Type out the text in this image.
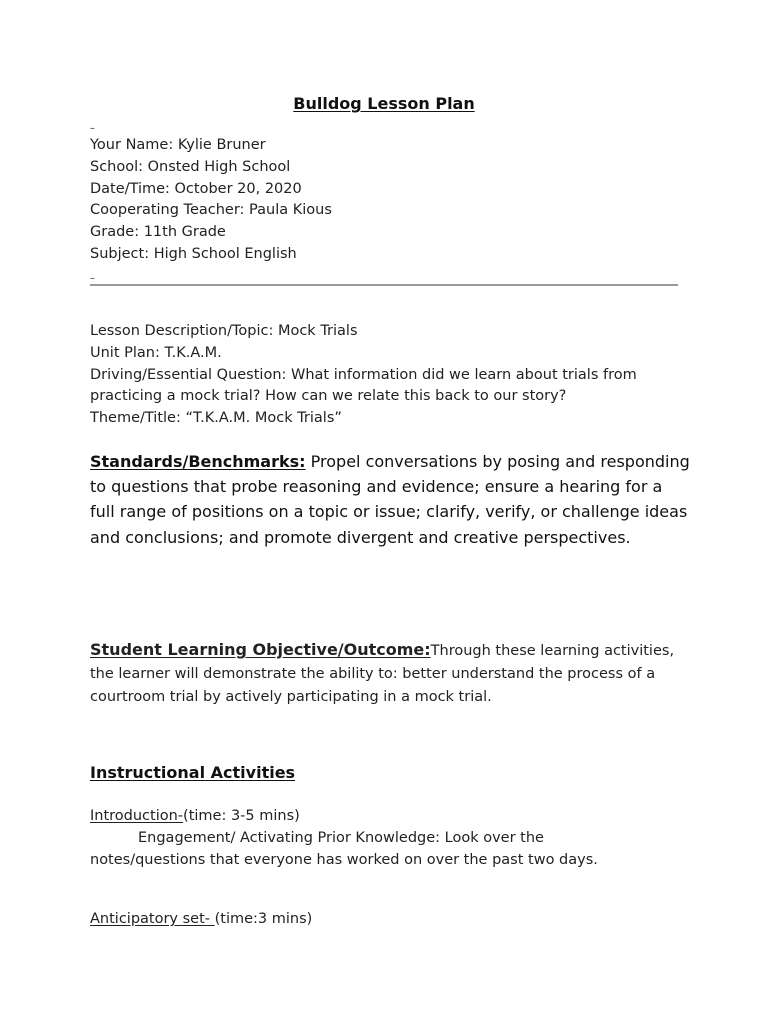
Bulldog Lesson Plan
–
Your Name: Kylie Bruner
School: Onsted High School
Date/Time: October 20, 2020
Cooperating Teacher: Paula Kious
Grade: 11th Grade
Subject: High School English
–
Lesson Description/Topic: Mock Trials
Unit Plan: T.K.A.M.
Driving/Essential Question: What information did we learn about trials from
practicing a mock trial? How can we relate this back to our story?
Theme/Title: “T.K.A.M. Mock Trials”
Standards/Benchmarks: Propel conversations by posing and responding to questions that probe reasoning and evidence; ensure a hearing for a full range of positions on a topic or issue; clarify, verify, or challenge ideas and conclusions; and promote divergent and creative perspectives.
Student Learning Objective/Outcome:Through these learning activities, the learner will demonstrate the ability to: better understand the process of a courtroom trial by actively participating in a mock trial.
Instructional Activities
Introduction-(time: 3-5 mins)
Engagement/ Activating Prior Knowledge: Look over the
notes/questions that everyone has worked on over the past two days.
Anticipatory set- (time:3 mins)
